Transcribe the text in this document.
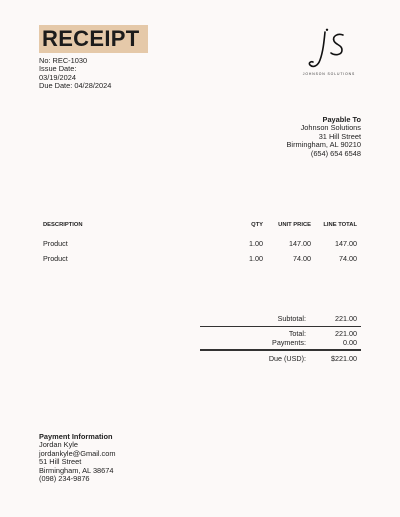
RECEIPT
No: REC-1030
Issue Date:
03/19/2024
Due Date: 04/28/2024
JOHNSON SOLUTIONS
Payable To
Johnson Solutions
31 Hill Street
Birmingham, AL 90210
(654) 654 6548
DESCRIPTION	QTY	UNIT PRICE	LINE TOTAL
Product	1.00	147.00	147.00
Product	1.00	74.00	74.00
Subtotal:	221.00
Total:	221.00
Payments:	0.00
Due (USD):	$221.00
Payment Information
Jordan Kyle
jordankyle@Gmail.com
51 Hill Street
Birmingham, AL 38674
(098) 234-9876
